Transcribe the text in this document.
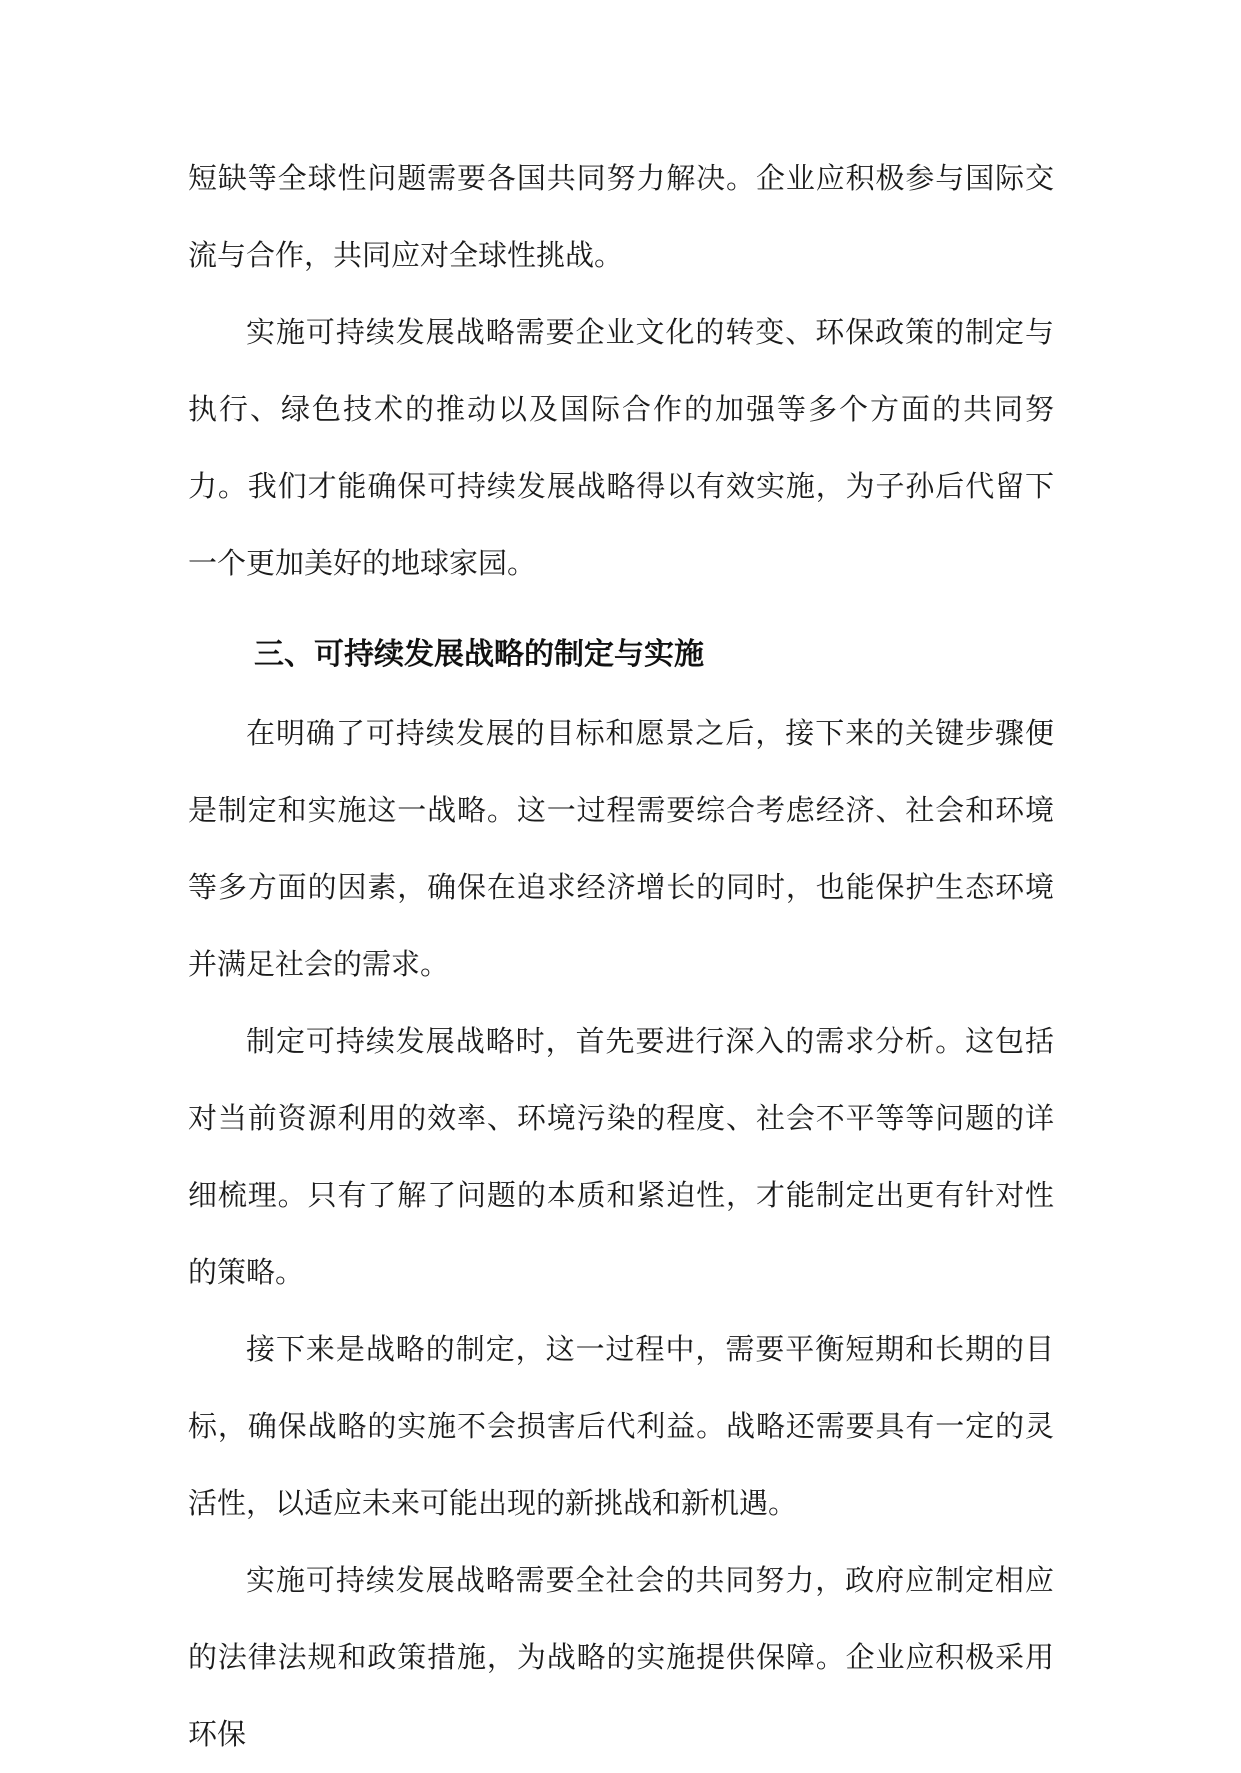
短缺等全球性问题需要各国共同努力解决。企业应积极参与国际交流与合作，共同应对全球性挑战。

实施可持续发展战略需要企业文化的转变、环保政策的制定与执行、绿色技术的推动以及国际合作的加强等多个方面的共同努力。我们才能确保可持续发展战略得以有效实施，为子孙后代留下一个更加美好的地球家园。

三、可持续发展战略的制定与实施

在明确了可持续发展的目标和愿景之后，接下来的关键步骤便是制定和实施这一战略。这一过程需要综合考虑经济、社会和环境等多方面的因素，确保在追求经济增长的同时，也能保护生态环境并满足社会的需求。

制定可持续发展战略时，首先要进行深入的需求分析。这包括对当前资源利用的效率、环境污染的程度、社会不平等等问题的详细梳理。只有了解了问题的本质和紧迫性，才能制定出更有针对性的策略。

接下来是战略的制定，这一过程中，需要平衡短期和长期的目标，确保战略的实施不会损害后代利益。战略还需要具有一定的灵活性，以适应未来可能出现的新挑战和新机遇。

实施可持续发展战略需要全社会的共同努力，政府应制定相应的法律法规和政策措施，为战略的实施提供保障。企业应积极采用环保
